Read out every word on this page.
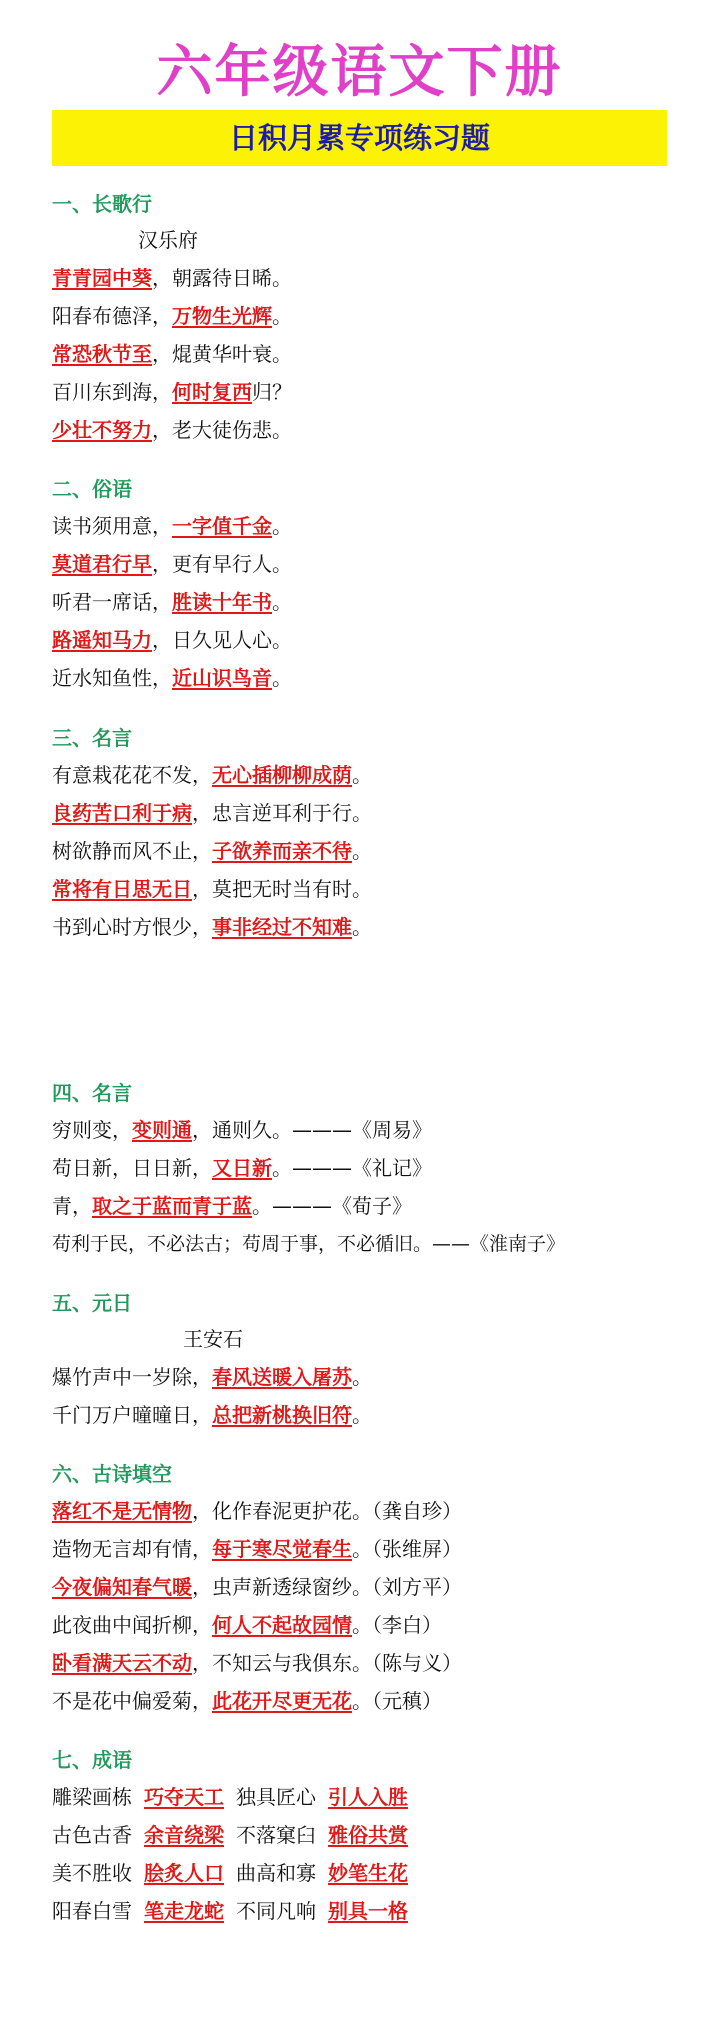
六年级语文下册
日积月累专项练习题
一、长歌行
汉乐府
青青园中葵，朝露待日晞。
阳春布德泽，万物生光辉。
常恐秋节至，焜黄华叶衰。
百川东到海，何时复西归？
少壮不努力，老大徒伤悲。
二、俗语
读书须用意，一字值千金。
莫道君行早，更有早行人。
听君一席话，胜读十年书。
路遥知马力，日久见人心。
近水知鱼性，近山识鸟音。
三、名言
有意栽花花不发，无心插柳柳成荫。
良药苦口利于病，忠言逆耳利于行。
树欲静而风不止，子欲养而亲不待。
常将有日思无日，莫把无时当有时。
书到心时方恨少，事非经过不知难。
四、名言
穷则变，变则通，通则久。———《周易》
苟日新，日日新，又日新。———《礼记》
青，取之于蓝而青于蓝。———《荀子》
苟利于民，不必法古；苟周于事，不必循旧。——《淮南子》
五、元日
王安石
爆竹声中一岁除，春风送暖入屠苏。
千门万户曈曈日，总把新桃换旧符。
六、古诗填空
落红不是无情物，化作春泥更护花。（龚自珍）
造物无言却有情，每于寒尽觉春生。（张维屏）
今夜偏知春气暖，虫声新透绿窗纱。（刘方平）
此夜曲中闻折柳，何人不起故园情。（李白）
卧看满天云不动，不知云与我俱东。（陈与义）
不是花中偏爱菊，此花开尽更无花。（元稹）
七、成语
雕梁画栋 巧夺天工 独具匠心 引人入胜
古色古香 余音绕梁 不落窠臼 雅俗共赏
美不胜收 脍炙人口 曲高和寡 妙笔生花
阳春白雪 笔走龙蛇 不同凡响 别具一格
